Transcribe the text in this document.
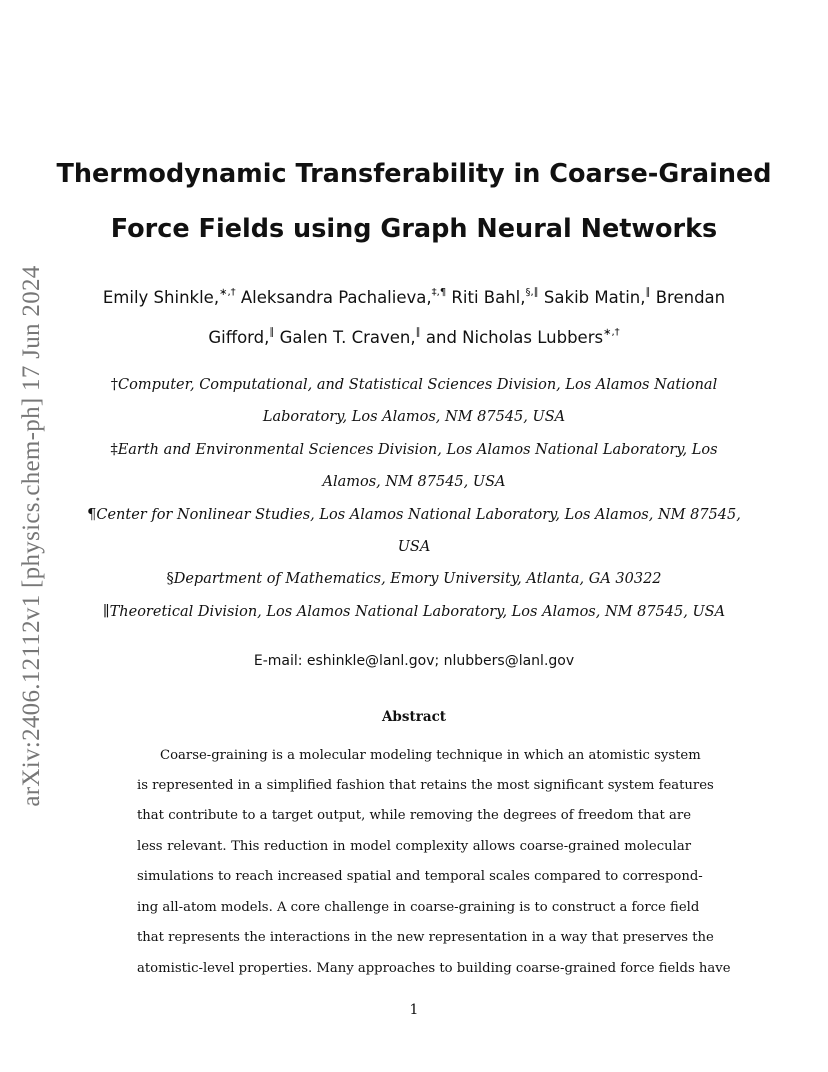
arXiv:2406.12112v1 [physics.chem-ph] 17 Jun 2024
Thermodynamic Transferability in Coarse-Grained
Force Fields using Graph Neural Networks
Emily Shinkle,∗,† Aleksandra Pachalieva,‡,¶ Riti Bahl,§,∥ Sakib Matin,∥ Brendan
Gifford,∥ Galen T. Craven,∥ and Nicholas Lubbers∗,†
†Computer, Computational, and Statistical Sciences Division, Los Alamos National
Laboratory, Los Alamos, NM 87545, USA
‡Earth and Environmental Sciences Division, Los Alamos National Laboratory, Los
Alamos, NM 87545, USA
¶Center for Nonlinear Studies, Los Alamos National Laboratory, Los Alamos, NM 87545,
USA
§Department of Mathematics, Emory University, Atlanta, GA 30322
∥Theoretical Division, Los Alamos National Laboratory, Los Alamos, NM 87545, USA
E-mail: eshinkle@lanl.gov; nlubbers@lanl.gov
Abstract
Coarse-graining is a molecular modeling technique in which an atomistic system
is represented in a simplified fashion that retains the most significant system features
that contribute to a target output, while removing the degrees of freedom that are
less relevant. This reduction in model complexity allows coarse-grained molecular
simulations to reach increased spatial and temporal scales compared to correspond-
ing all-atom models. A core challenge in coarse-graining is to construct a force field
that represents the interactions in the new representation in a way that preserves the
atomistic-level properties. Many approaches to building coarse-grained force fields have
1
